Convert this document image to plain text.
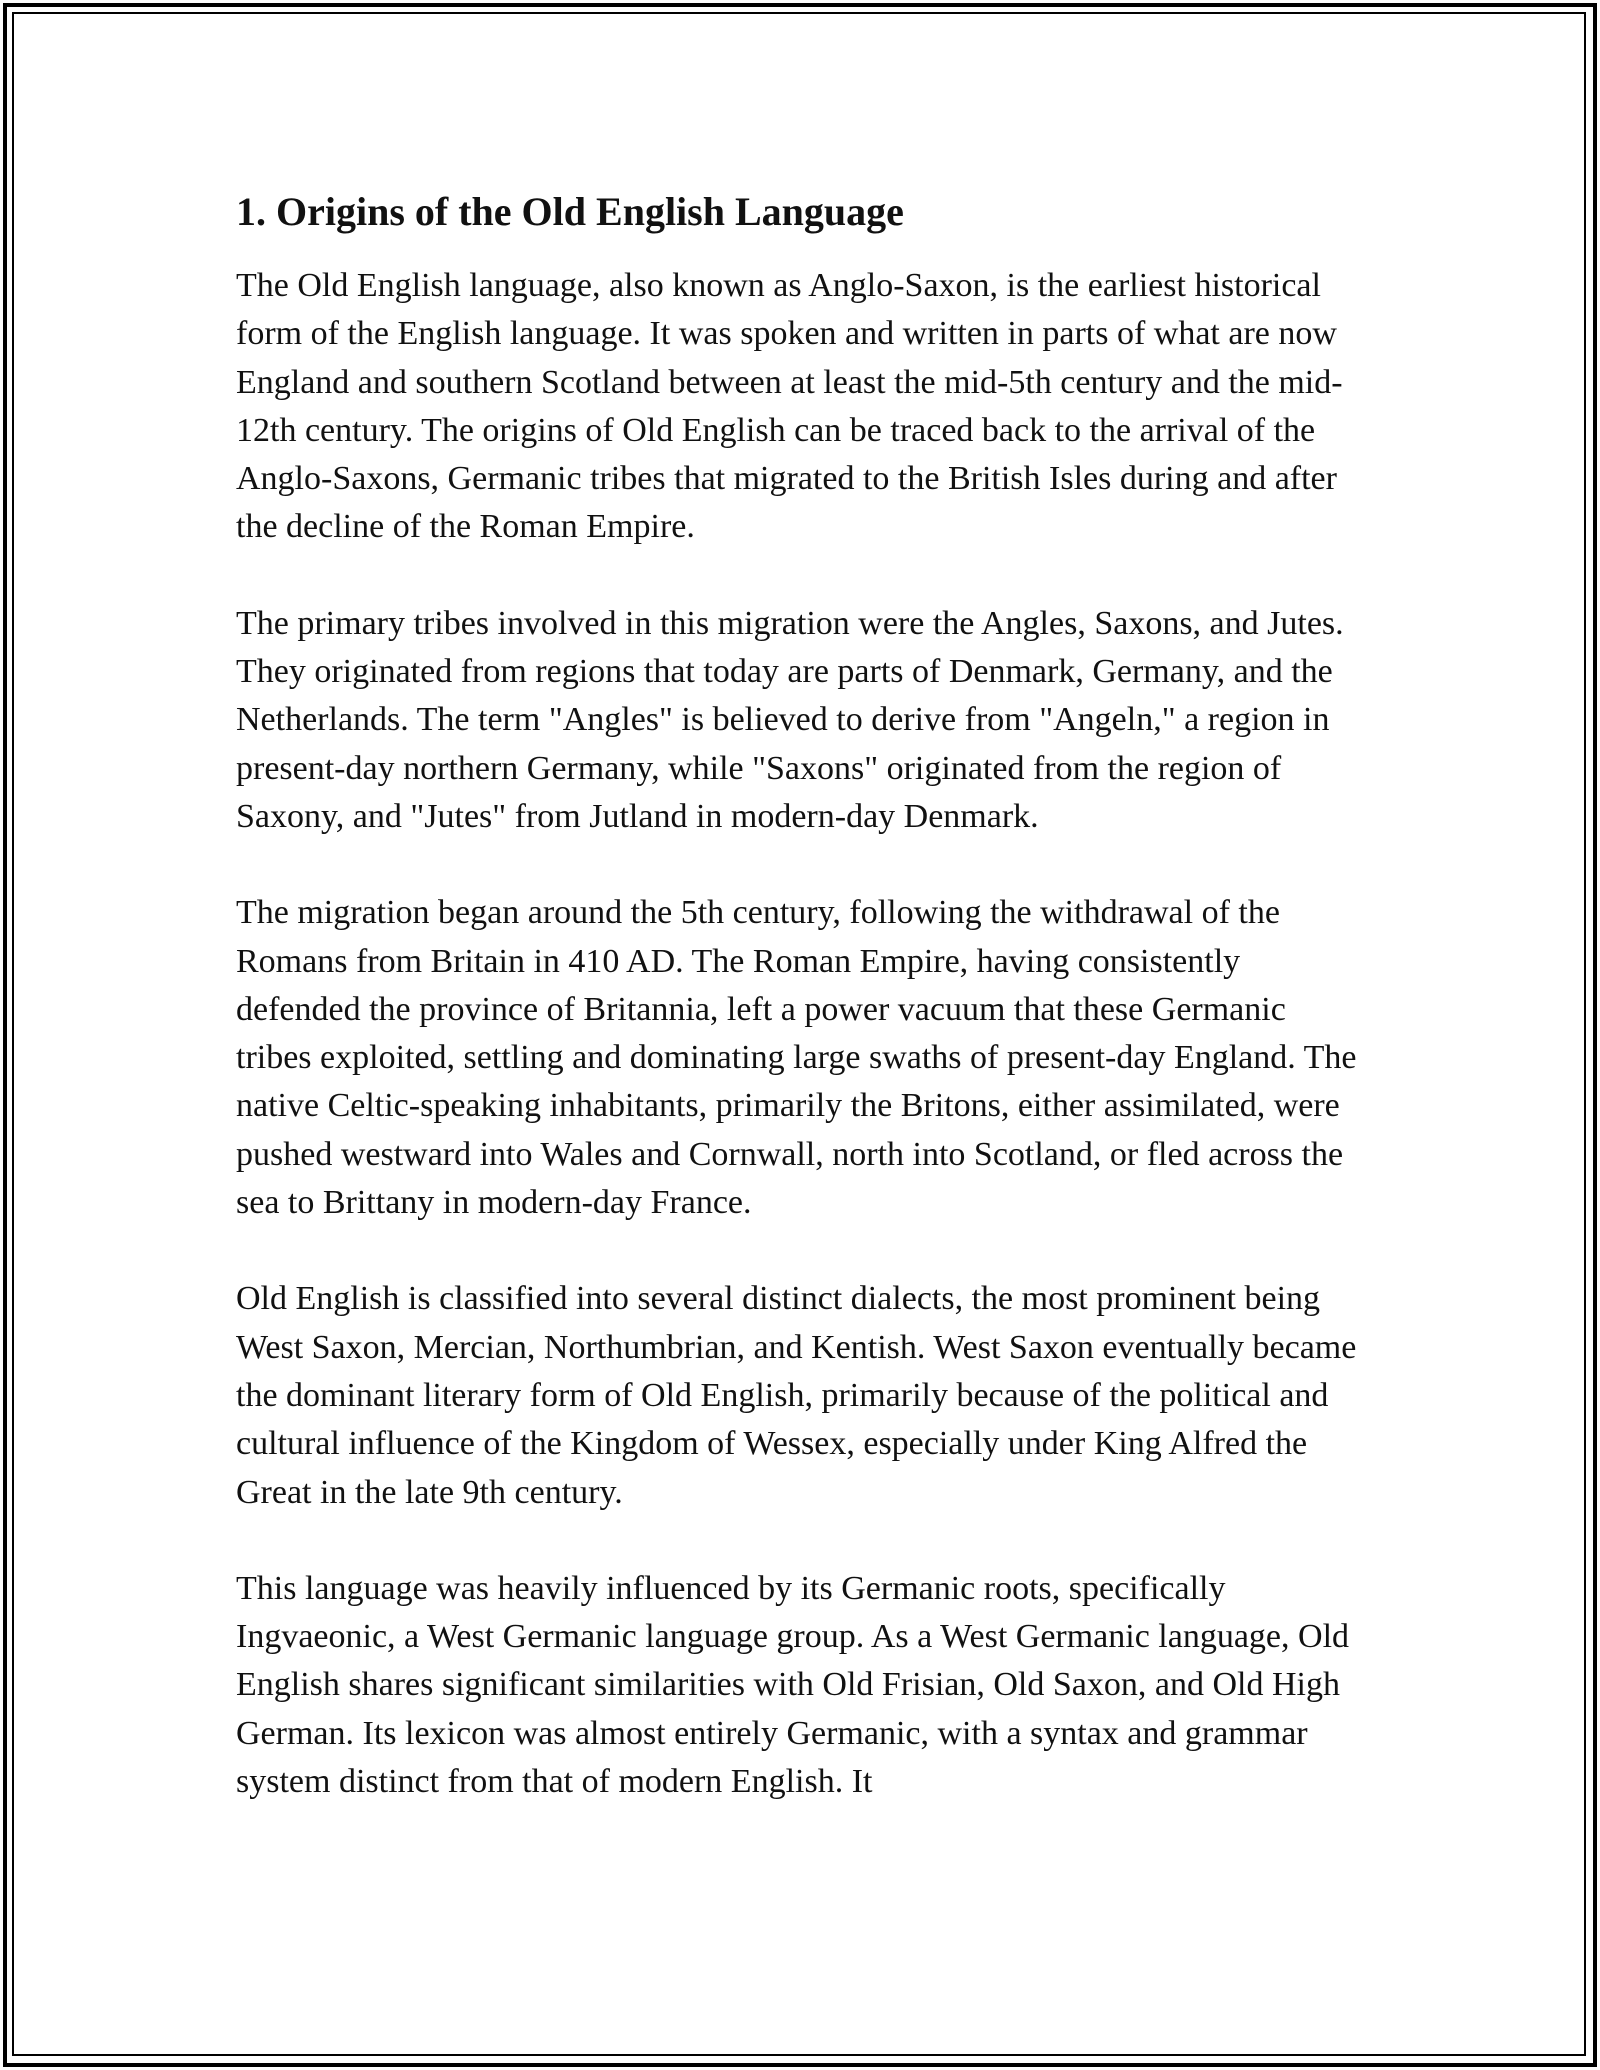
1. Origins of the Old English Language

The Old English language, also known as Anglo-Saxon, is the earliest historical form of the English language. It was spoken and written in parts of what are now England and southern Scotland between at least the mid-5th century and the mid-12th century. The origins of Old English can be traced back to the arrival of the Anglo-Saxons, Germanic tribes that migrated to the British Isles during and after the decline of the Roman Empire.

The primary tribes involved in this migration were the Angles, Saxons, and Jutes. They originated from regions that today are parts of Denmark, Germany, and the Netherlands. The term "Angles" is believed to derive from "Angeln," a region in present-day northern Germany, while "Saxons" originated from the region of Saxony, and "Jutes" from Jutland in modern-day Denmark.

The migration began around the 5th century, following the withdrawal of the Romans from Britain in 410 AD. The Roman Empire, having consistently defended the province of Britannia, left a power vacuum that these Germanic tribes exploited, settling and dominating large swaths of present-day England. The native Celtic-speaking inhabitants, primarily the Britons, either assimilated, were pushed westward into Wales and Cornwall, north into Scotland, or fled across the sea to Brittany in modern-day France.

Old English is classified into several distinct dialects, the most prominent being West Saxon, Mercian, Northumbrian, and Kentish. West Saxon eventually became the dominant literary form of Old English, primarily because of the political and cultural influence of the Kingdom of Wessex, especially under King Alfred the Great in the late 9th century.

This language was heavily influenced by its Germanic roots, specifically Ingvaeonic, a West Germanic language group. As a West Germanic language, Old English shares significant similarities with Old Frisian, Old Saxon, and Old High German. Its lexicon was almost entirely Germanic, with a syntax and grammar system distinct from that of modern English. It
